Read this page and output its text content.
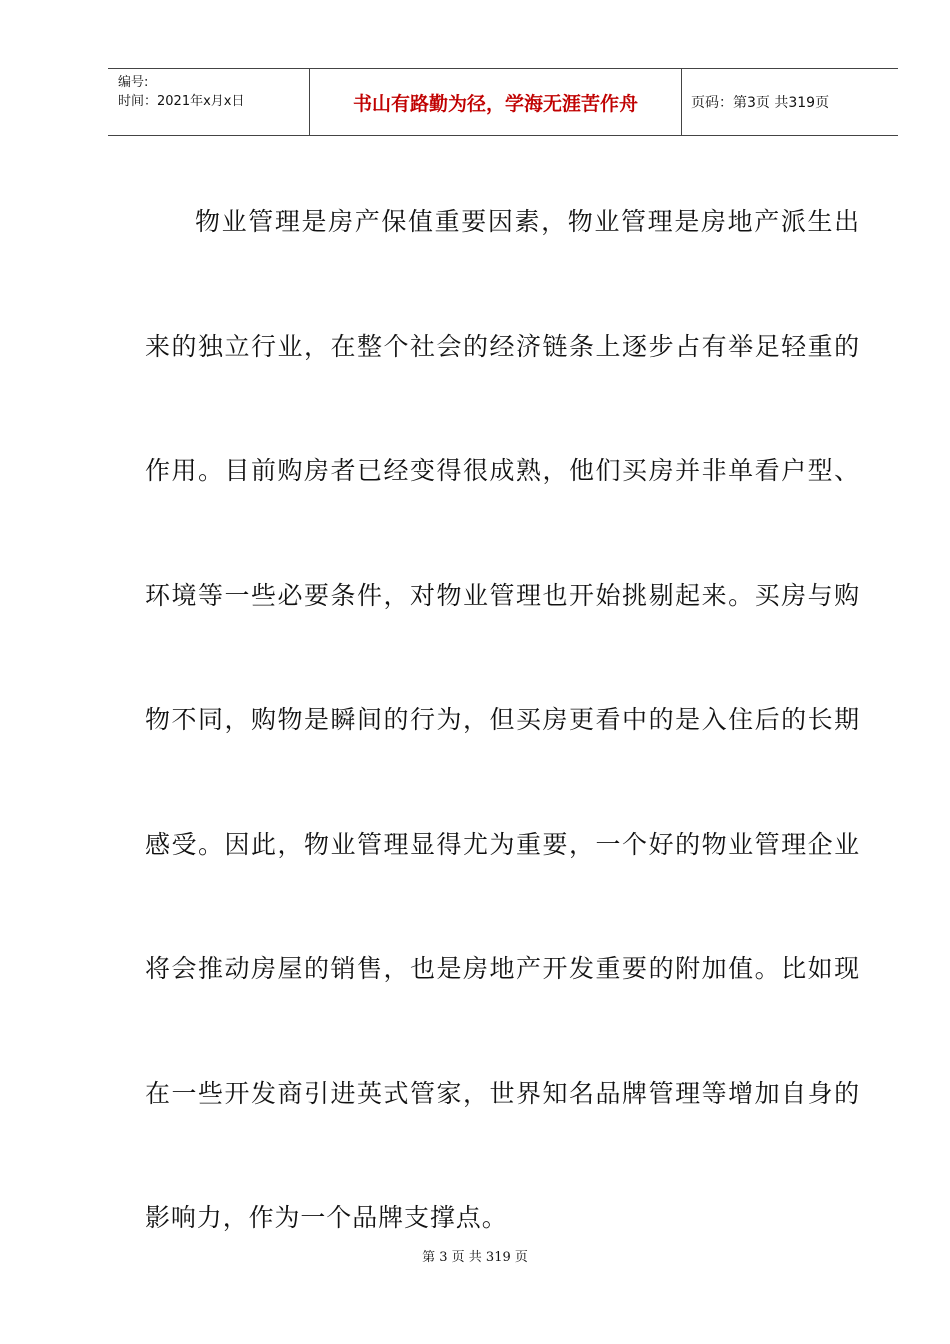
编号:
时间：2021年x月x日	书山有路勤为径，学海无涯苦作舟	页码：第3页 共319页

物业管理是房产保值重要因素，物业管理是房地产派生出来的独立行业，在整个社会的经济链条上逐步占有举足轻重的作用。目前购房者已经变得很成熟，他们买房并非单看户型、环境等一些必要条件，对物业管理也开始挑剔起来。买房与购物不同，购物是瞬间的行为，但买房更看中的是入住后的长期感受。因此，物业管理显得尤为重要，一个好的物业管理企业将会推动房屋的销售，也是房地产开发重要的附加值。比如现在一些开发商引进英式管家，世界知名品牌管理等增加自身的影响力，作为一个品牌支撑点。

第 3 页 共 319 页
